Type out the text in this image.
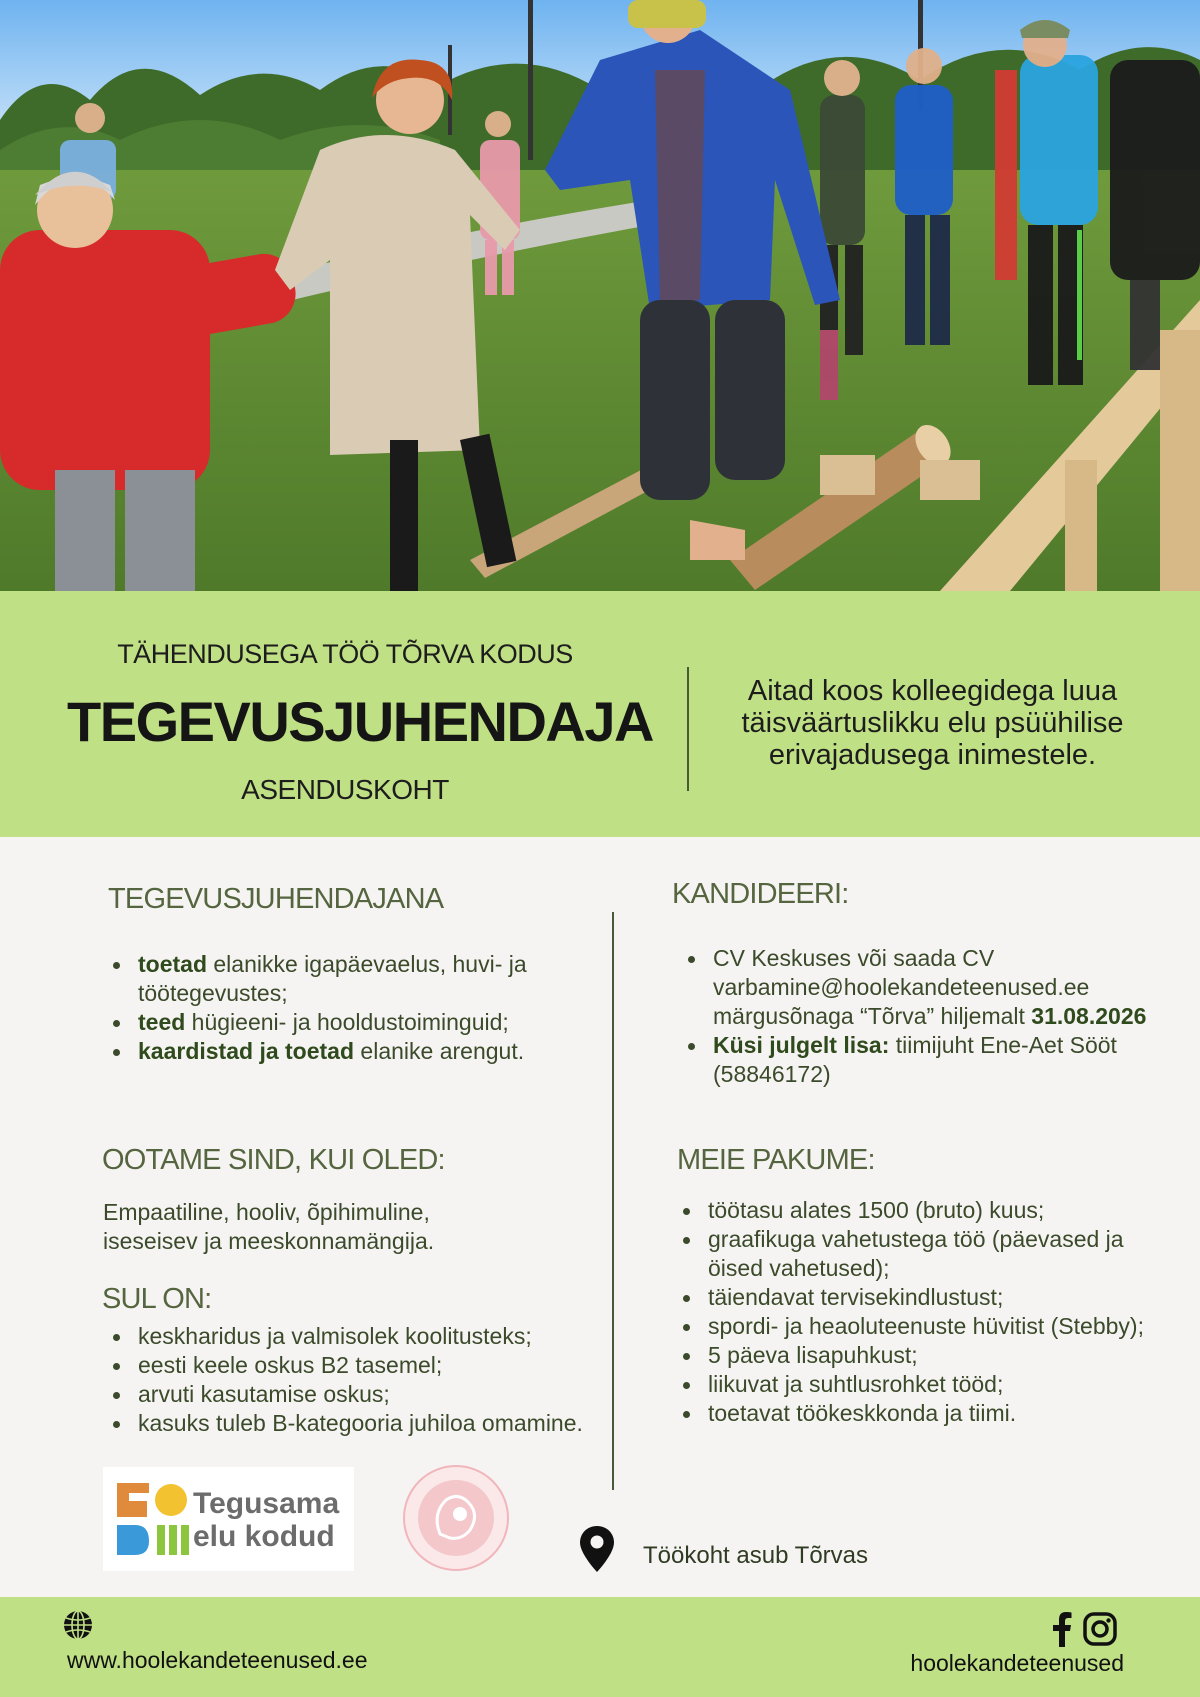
TÄHENDUSEGA TÖÖ TÕRVA KODUS
TEGEVUSJUHENDAJA
ASENDUSKOHT
Aitad koos kolleegidega luua täisväärtuslikku elu psüühilise erivajadusega inimestele.
TEGEVUSJUHENDAJANA
toetad elanikke igapäevaelus, huvi- ja töötegevustes;
teed hügieeni- ja hooldustoiminguid;
kaardistad ja toetad elanike arengut.
OOTAME SIND, KUI OLED:
Empaatiline, hooliv, õpihimuline, iseseisev ja meeskonnamängija.
SUL ON:
keskharidus ja valmisolek koolitusteks;
eesti keele oskus B2 tasemel;
arvuti kasutamise oskus;
kasuks tuleb B-kategooria juhiloa omamine.
KANDIDEERI:
CV Keskuses või saada CV varbamine@hoolekandeteenused.ee märgusõnaga “Tõrva” hiljemalt 31.08.2026
Küsi julgelt lisa: tiimijuht Ene-Aet Sööt (58846172)
MEIE PAKUME:
töötasu alates 1500 (bruto) kuus;
graafikuga vahetustega töö (päevased ja öised vahetused);
täiendavat tervisekindlustust;
spordi- ja heaoluteenuste hüvitist (Stebby);
5 päeva lisapuhkust;
liikuvat ja suhtlusrohket tööd;
toetavat töökeskkonda ja tiimi.
Tegusama
elu kodud
Töökoht asub Tõrvas
www.hoolekandeteenused.ee	hoolekandeteenused
